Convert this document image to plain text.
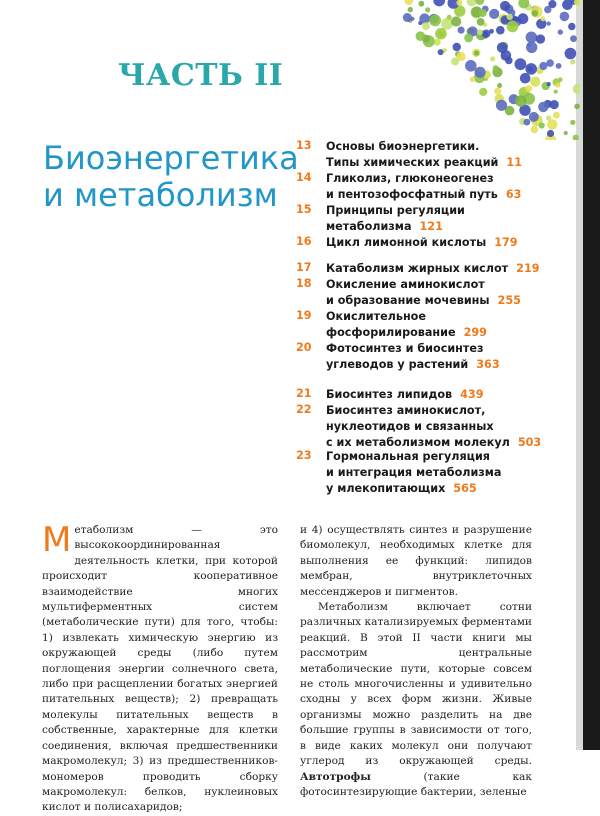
ЧАСТЬ II
Биоэнергетика
и метаболизм
13	Основы биоэнергетики.
Типы химических реакций 11
14	Гликолиз, глюконеогенез
и пентозофосфатный путь 63
15	Принципы регуляции
метаболизма 121
16	Цикл лимонной кислоты 179
17	Катаболизм жирных кислот 219
18	Окисление аминокислот
и образование мочевины 255
19	Окислительное
фосфорилирование 299
20	Фотосинтез и биосинтез
углеводов у растений 363
21	Биосинтез липидов 439
22	Биосинтез аминокислот,
нуклеотидов и связанных
с их метаболизмом молекул 503
23	Гормональная регуляция
и интеграция метаболизма
у млекопитающих 565
Метаболизм — это высококоординированная деятельность клетки, при которой происходит кооперативное взаимодействие многих мультиферментных систем (метаболические пути) для того, чтобы: 1) извлекать химическую энергию из окружающей среды (либо путем поглощения энергии солнечного света, либо при расщеплении богатых энергией питательных веществ); 2) превращать молекулы питательных веществ в собственные, характерные для клетки соединения, включая предшественники макромолекул; 3) из предшественников-мономеров проводить сборку макромолекул: белков, нуклеиновых кислот и полисахаридов;
и 4) осуществлять синтез и разрушение биомолекул, необходимых клетке для выполнения ее функций: липидов мембран, внутриклеточных мессенджеров и пигментов.
Метаболизм включает сотни различных катализируемых ферментами реакций. В этой II части книги мы рассмотрим центральные метаболические пути, которые совсем не столь многочисленны и удивительно сходны у всех форм жизни. Живые организмы можно разделить на две большие группы в зависимости от того, в виде каких молекул они получают углерод из окружающей среды. Автотрофы	(такие как фотосинтезирующие бактерии, зеленые
